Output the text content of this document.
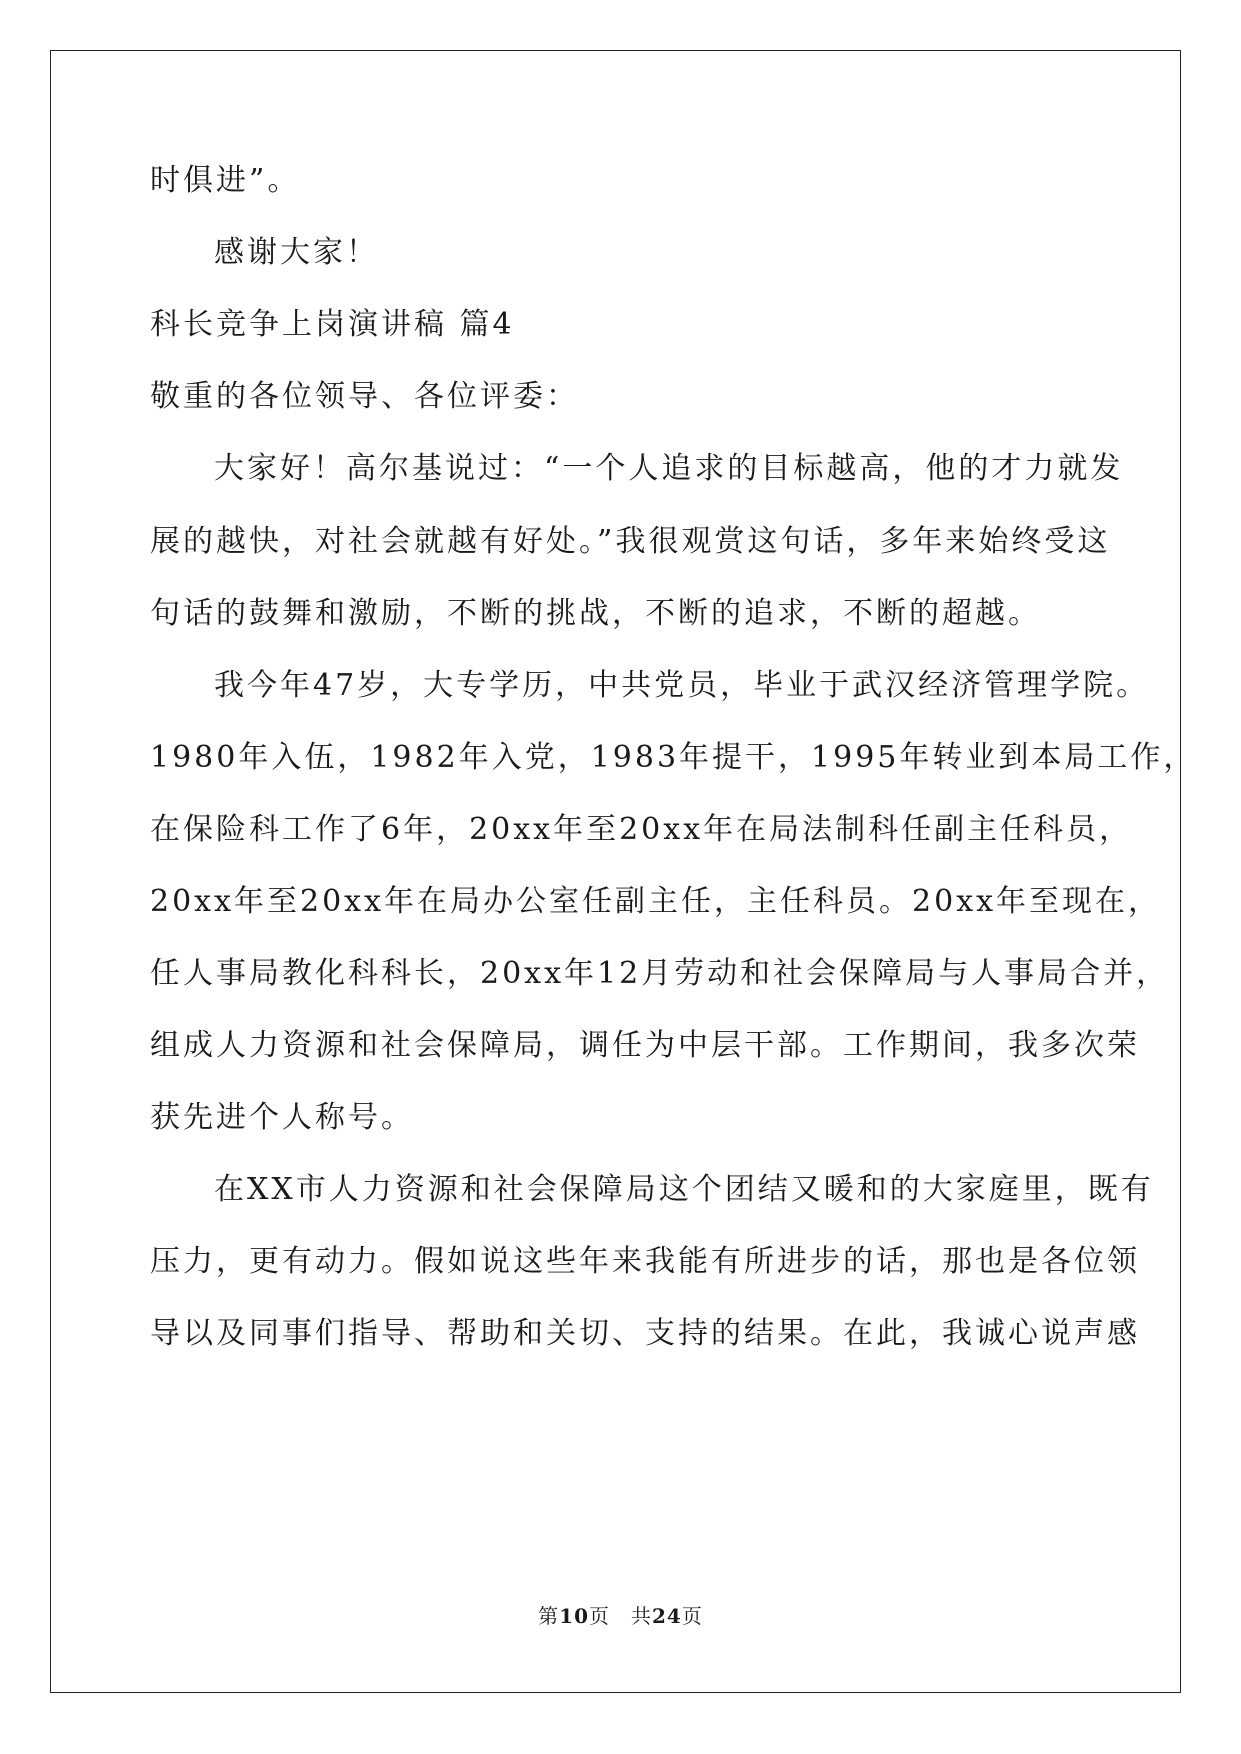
时俱进”。
感谢大家！
科长竞争上岗演讲稿 篇4
敬重的各位领导、各位评委：
大家好！高尔基说过：“一个人追求的目标越高，他的才力就发
展的越快，对社会就越有好处。”我很观赏这句话，多年来始终受这
句话的鼓舞和激励，不断的挑战，不断的追求，不断的超越。
我今年47岁，大专学历，中共党员，毕业于武汉经济管理学院。
1980年入伍，1982年入党，1983年提干，1995年转业到本局工作，
在保险科工作了6年，20xx年至20xx年在局法制科任副主任科员，
20xx年至20xx年在局办公室任副主任，主任科员。20xx年至现在，
任人事局教化科科长，20xx年12月劳动和社会保障局与人事局合并，
组成人力资源和社会保障局，调任为中层干部。工作期间，我多次荣
获先进个人称号。
在XX市人力资源和社会保障局这个团结又暖和的大家庭里，既有
压力，更有动力。假如说这些年来我能有所进步的话，那也是各位领
导以及同事们指导、帮助和关切、支持的结果。在此，我诚心说声感
第10页　共24页
